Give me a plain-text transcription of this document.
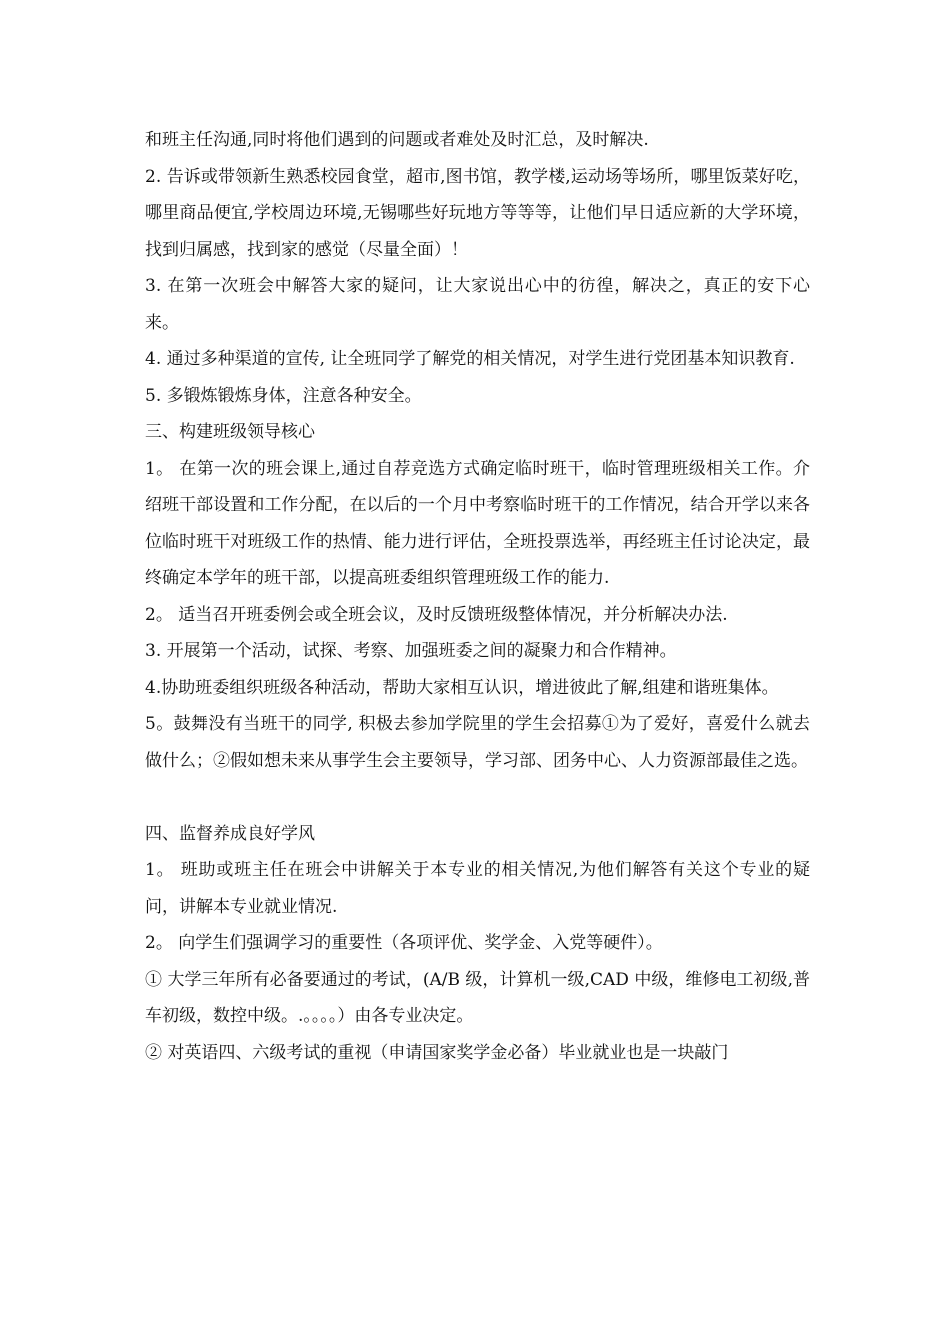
和班主任沟通,同时将他们遇到的问题或者难处及时汇总，及时解决.

2. 告诉或带领新生熟悉校园食堂，超市,图书馆，教学楼,运动场等场所，哪里饭菜好吃，哪里商品便宜,学校周边环境,无锡哪些好玩地方等等等，让他们早日适应新的大学环境，找到归属感，找到家的感觉（尽量全面）！

3. 在第一次班会中解答大家的疑问，让大家说出心中的彷徨，解决之，真正的安下心来。

4. 通过多种渠道的宣传, 让全班同学了解党的相关情况，对学生进行党团基本知识教育.

5. 多锻炼锻炼身体，注意各种安全。

三、构建班级领导核心

1。 在第一次的班会课上,通过自荐竞选方式确定临时班干，临时管理班级相关工作。介绍班干部设置和工作分配，在以后的一个月中考察临时班干的工作情况，结合开学以来各位临时班干对班级工作的热情、能力进行评估，全班投票选举，再经班主任讨论决定，最终确定本学年的班干部，以提高班委组织管理班级工作的能力.

2。 适当召开班委例会或全班会议，及时反馈班级整体情况，并分析解决办法.

3. 开展第一个活动，试探、考察、加强班委之间的凝聚力和合作精神。

4.协助班委组织班级各种活动，帮助大家相互认识，增进彼此了解,组建和谐班集体。

5。鼓舞没有当班干的同学, 积极去参加学院里的学生会招募①为了爱好，喜爱什么就去做什么；②假如想未来从事学生会主要领导，学习部、团务中心、人力资源部最佳之选。

四、监督养成良好学风

1。 班助或班主任在班会中讲解关于本专业的相关情况,为他们解答有关这个专业的疑问，讲解本专业就业情况.

2。 向学生们强调学习的重要性（各项评优、奖学金、入党等硬件）。

① 大学三年所有必备要通过的考试，(A/B 级，计算机一级,CAD 中级，维修电工初级,普车初级，数控中级。.。。。。）由各专业决定。

② 对英语四、六级考试的重视（申请国家奖学金必备）毕业就业也是一块敲门
